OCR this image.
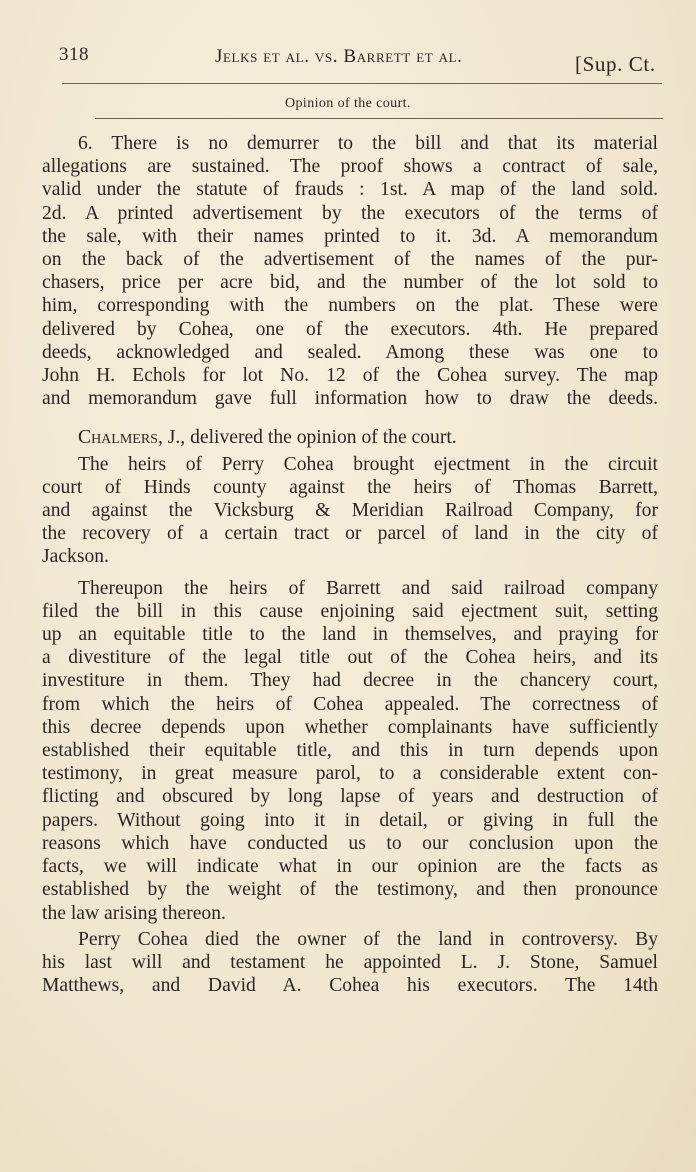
318	Jelks et al. vs. Barrett et al.	[Sup. Ct.
Opinion of the court.

6. There is no demurrer to the bill and that its material
allegations are sustained. The proof shows a contract of sale,
valid under the statute of frauds : 1st. A map of the land sold.
2d. A printed advertisement by the executors of the terms of
the sale, with their names printed to it. 3d. A memorandum
on the back of the advertisement of the names of the pur-
chasers, price per acre bid, and the number of the lot sold to
him, corresponding with the numbers on the plat. These were
delivered by Cohea, one of the executors. 4th. He prepared
deeds, acknowledged and sealed. Among these was one to
John H. Echols for lot No. 12 of the Cohea survey. The map
and memorandum gave full information how to draw the deeds.

Chalmers, J., delivered the opinion of the court.

The heirs of Perry Cohea brought ejectment in the circuit
court of Hinds county against the heirs of Thomas Barrett,
and against the Vicksburg & Meridian Railroad Company, for
the recovery of a certain tract or parcel of land in the city of
Jackson.

Thereupon the heirs of Barrett and said railroad company
filed the bill in this cause enjoining said ejectment suit, setting
up an equitable title to the land in themselves, and praying for
a divestiture of the legal title out of the Cohea heirs, and its
investiture in them. They had decree in the chancery court,
from which the heirs of Cohea appealed. The correctness of
this decree depends upon whether complainants have sufficiently
established their equitable title, and this in turn depends upon
testimony, in great measure parol, to a considerable extent con-
flicting and obscured by long lapse of years and destruction of
papers. Without going into it in detail, or giving in full the
reasons which have conducted us to our conclusion upon the
facts, we will indicate what in our opinion are the facts as
established by the weight of the testimony, and then pronounce
the law arising thereon.

Perry Cohea died the owner of the land in controversy. By
his last will and testament he appointed L. J. Stone, Samuel
Matthews, and David A. Cohea his executors. The 14th
